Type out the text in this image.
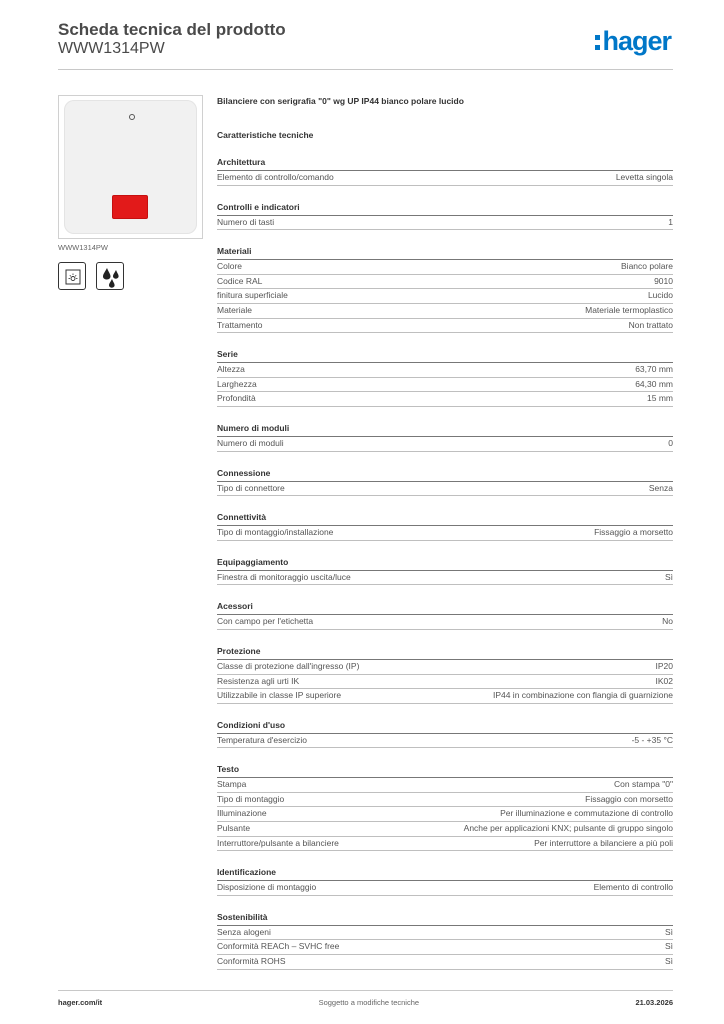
Scheda tecnica del prodotto
WWW1314PW	hager
WWW1314PW
Bilanciere con serigrafia "0" wg UP IP44 bianco polare lucido
Caratteristiche tecniche
Architettura
Elemento di controllo/comando	Levetta singola
Controlli e indicatori
Numero di tasti	1
Materiali
Colore	Bianco polare
Codice RAL	9010
finitura superficiale	Lucido
Materiale	Materiale termoplastico
Trattamento	Non trattato
Serie
Altezza	63,70 mm
Larghezza	64,30 mm
Profondità	15 mm
Numero di moduli
Numero di moduli	0
Connessione
Tipo di connettore	Senza
Connettività
Tipo di montaggio/installazione	Fissaggio a morsetto
Equipaggiamento
Finestra di monitoraggio uscita/luce	Sì
Acessori
Con campo per l'etichetta	No
Protezione
Classe di protezione dall'ingresso (IP)	IP20
Resistenza agli urti IK	IK02
Utilizzabile in classe IP superiore	IP44 in combinazione con flangia di guarnizione
Condizioni d'uso
Temperatura d'esercizio	-5 - +35 °C
Testo
Stampa	Con stampa "0"
Tipo di montaggio	Fissaggio con morsetto
Illuminazione	Per illuminazione e commutazione di controllo
Pulsante	Anche per applicazioni KNX; pulsante di gruppo singolo
Interruttore/pulsante a bilanciere	Per interruttore a bilanciere a più poli
Identificazione
Disposizione di montaggio	Elemento di controllo
Sostenibilità
Senza alogeni	Sì
Conformità REACh – SVHC free	Sì
Conformità ROHS	Sì
hager.com/it	Soggetto a modifiche tecniche	21.03.2026
